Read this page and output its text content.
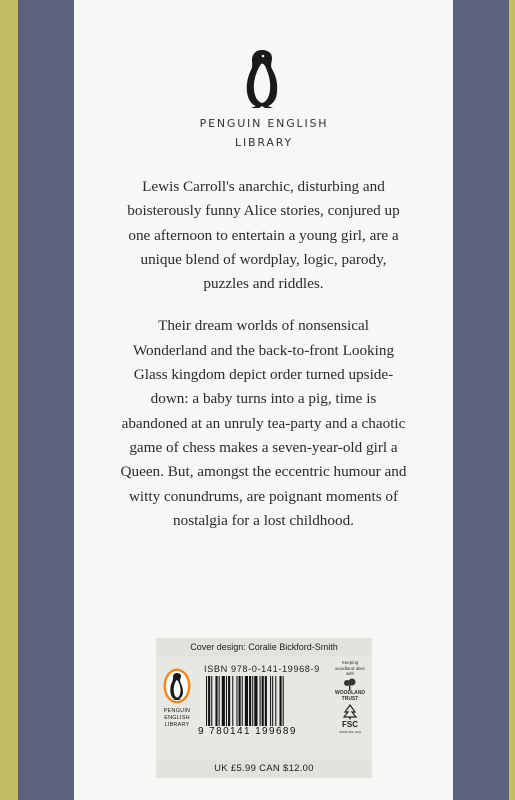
PENGUIN ENGLISH
LIBRARY

Lewis Carroll's anarchic, disturbing and boisterously funny Alice stories, conjured up one afternoon to entertain a young girl, are a unique blend of wordplay, logic, parody, puzzles and riddles.

Their dream worlds of nonsensical Wonderland and the back-to-front Looking Glass kingdom depict order turned upside-down: a baby turns into a pig, time is abandoned at an unruly tea-party and a chaotic game of chess makes a seven-year-old girl a Queen. But, amongst the eccentric humour and witty conundrums, are poignant moments of nostalgia for a lost childhood.

Cover design: Coralie Bickford-Smith
PENGUIN
ENGLISH
LIBRARY
ISBN 978-0-141-19968-9
9 780141 199689
Keeping woodland alive with
WOODLAND TRUST
FSC
www.fsc.org
UK £5.99 CAN $12.00
